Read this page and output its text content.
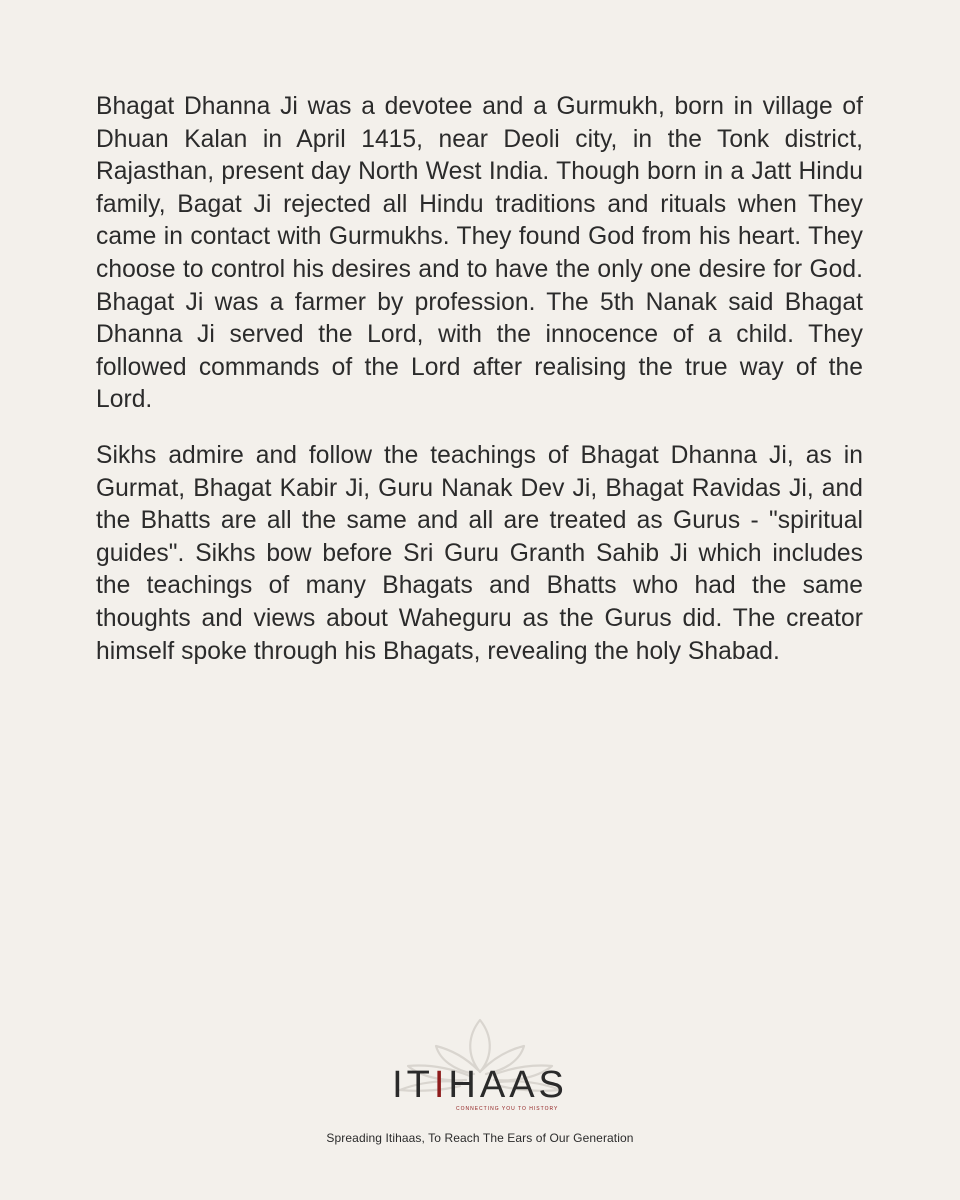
Bhagat Dhanna Ji was a devotee and a Gurmukh, born in village of Dhuan Kalan in April 1415, near Deoli city, in the Tonk district, Rajasthan, present day North West India. Though born in a Jatt Hindu family, Bagat Ji rejected all Hindu traditions and rituals when They came in contact with Gurmukhs. They found God from his heart. They choose to control his desires and to have the only one desire for God. Bhagat Ji was a farmer by profession. The 5th Nanak said Bhagat Dhanna Ji served the Lord, with the innocence of a child. They followed commands of the Lord after realising the true way of the Lord.

Sikhs admire and follow the teachings of Bhagat Dhanna Ji, as in Gurmat, Bhagat Kabir Ji, Guru Nanak Dev Ji, Bhagat Ravidas Ji, and the Bhatts are all the same and all are treated as Gurus - "spiritual guides". Sikhs bow before Sri Guru Granth Sahib Ji which includes the teachings of many Bhagats and Bhatts who had the same thoughts and views about Waheguru as the Gurus did. The creator himself spoke through his Bhagats, revealing the holy Shabad.

ITIHAAS
CONNECTING YOU TO HISTORY
Spreading Itihaas, To Reach The Ears of Our Generation
